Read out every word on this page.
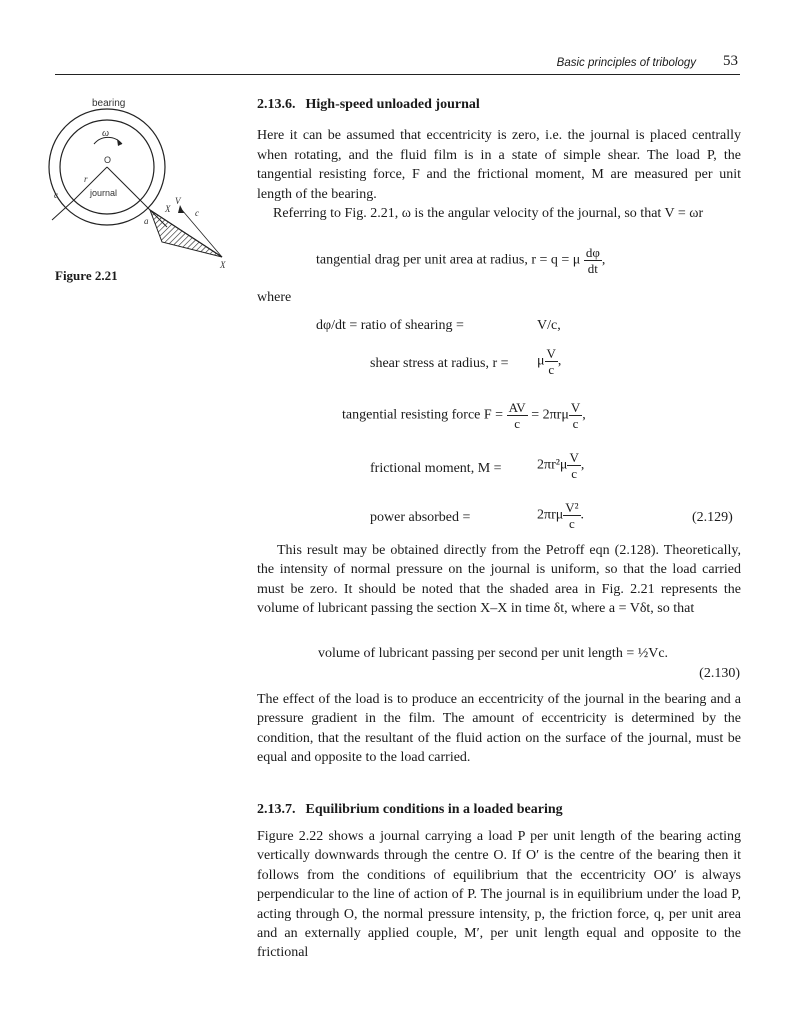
Basic principles of tribology 53
bearing
ω
O
r
journal
c
a
c
X
X
V
Figure 2.21
2.13.6. High-speed unloaded journal

Here it can be assumed that eccentricity is zero, i.e. the journal is placed centrally when rotating, and the fluid film is in a state of simple shear. The load P, the tangential resisting force, F and the frictional moment, M are measured per unit length of the bearing.

Referring to Fig. 2.21, ω is the angular velocity of the journal, so that V = ωr

tangential drag per unit area at radius, r = q = μ $\frac{d\varphi}{dt}$ ,
where
dφ/dt = ratio of shearing =	V/c,
shear stress at radius, r = μ $\frac{V}{c}$ ,
tangential resisting force $F = \frac{AV}{c} = 2\pi r\mu \frac{V}{c}$ ,
frictional moment, M =	$2\pi r^2\mu \frac{V}{c}$ ,
power absorbed =	$2\pi r\mu \frac{\text{V²}}{c}$ .	(2.129)

This result may be obtained directly from the Petroff eqn (2.128). Theoretically, the intensity of normal pressure on the journal is uniform, so that the load carried must be zero. It should be noted that the shaded area in Fig. 2.21 represents the volume of lubricant passing the section X–X in time δt, where a = Vδt, so that

volume of lubricant passing per second per unit length = ½Vc.
(2.130)

The effect of the load is to produce an eccentricity of the journal in the bearing and a pressure gradient in the film. The amount of eccentricity is determined by the condition, that the resultant of the fluid action on the surface of the journal, must be equal and opposite to the load carried.

2.13.7. Equilibrium conditions in a loaded bearing

Figure 2.22 shows a journal carrying a load P per unit length of the bearing acting vertically downwards through the centre O. If O′ is the centre of the bearing then it follows from the conditions of equilibrium that the eccentricity OO′ is always perpendicular to the line of action of P. The journal is in equilibrium under the load P, acting through O, the normal pressure intensity, p, the friction force, q, per unit area and an externally applied couple, M′, per unit length equal and opposite to the frictional
